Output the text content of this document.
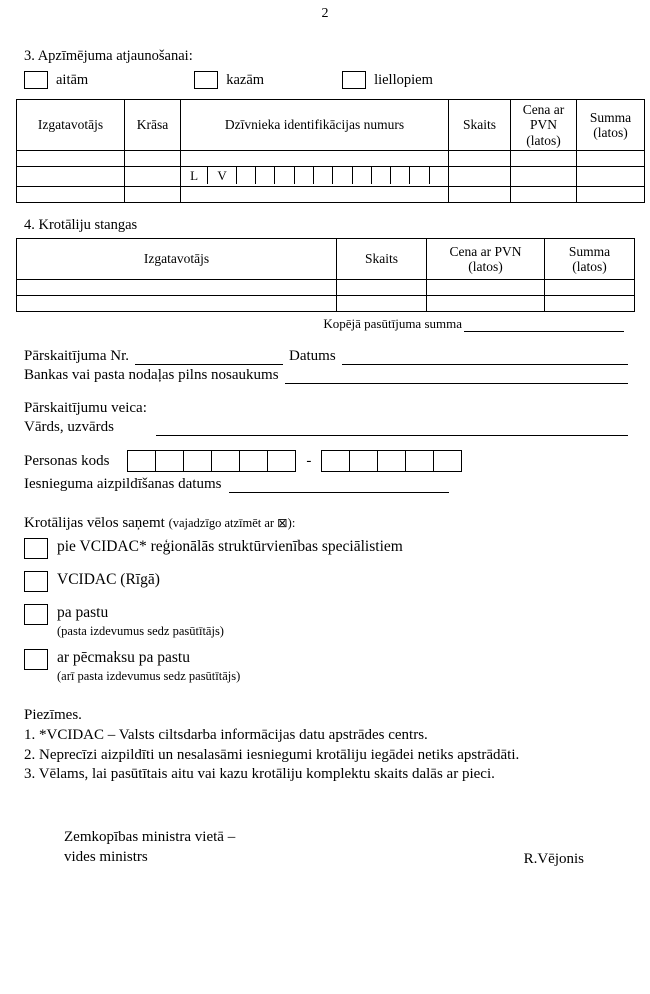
2
3. Apzīmējuma atjaunošanai:
aitām	kazām	liellopiem
Izgatavotājs	Krāsa	Dzīvnieka identifikācijas numurs	Skaits	Cena ar
PVN
(latos)	Summa
(latos)

		L V			

4. Krotāliju stangas
Izgatavotājs	Skaits	Cena ar PVN
(latos)	Summa
(latos)

Kopējā pasūtījuma summa
Pārskaitījuma Nr.	Datums
Bankas vai pasta nodaļas pilns nosaukums
Pārskaitījumu veica:
Vārds, uzvārds
Personas kods	-
Iesnieguma aizpildīšanas datums
Krotālijas vēlos saņemt (vajadzīgo atzīmēt ar ⊠):
pie VCIDAC* reģionālās struktūrvienības speciālistiem
VCIDAC (Rīgā)
pa pastu
(pasta izdevumus sedz pasūtītājs)
ar pēcmaksu pa pastu
(arī pasta izdevumus sedz pasūtītājs)
Piezīmes.
1. *VCIDAC – Valsts ciltsdarba informācijas datu apstrādes centrs.
2. Neprecīzi aizpildīti un nesalasāmi iesniegumi krotāliju iegādei netiks apstrādāti.
3. Vēlams, lai pasūtītais aitu vai kazu krotāliju komplektu skaits dalās ar pieci.
Zemkopības ministra vietā –
vides ministrs	R.Vējonis
